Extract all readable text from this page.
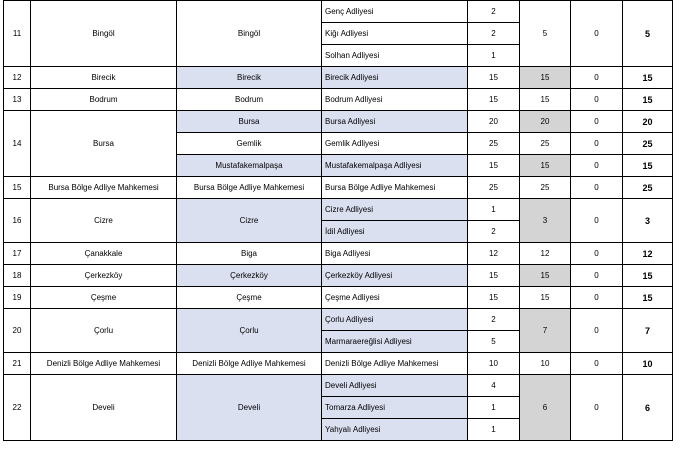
11	Bingöl	Bingöl	Genç Adliyesi	2	5	0	5
			Kiğı Adliyesi	2			
			Solhan Adliyesi	1			
12	Birecik	Birecik	Birecik Adliyesi	15	15	0	15
13	Bodrum	Bodrum	Bodrum Adliyesi	15	15	0	15
14	Bursa	Bursa	Bursa Adliyesi	20	20	0	20
		Gemlik	Gemlik Adliyesi	25	25	0	25
		Mustafakemalpaşa	Mustafakemalpaşa Adliyesi	15	15	0	15
15	Bursa Bölge Adliye Mahkemesi	Bursa Bölge Adliye Mahkemesi	Bursa Bölge Adliye Mahkemesi	25	25	0	25
16	Cizre	Cizre	Cizre Adliyesi	1	3	0	3
			İdil Adliyesi	2			
17	Çanakkale	Biga	Biga Adliyesi	12	12	0	12
18	Çerkezköy	Çerkezköy	Çerkezköy Adliyesi	15	15	0	15
19	Çeşme	Çeşme	Çeşme Adliyesi	15	15	0	15
20	Çorlu	Çorlu	Çorlu Adliyesi	2	7	0	7
			Marmaraereğlisi Adliyesi	5			
21	Denizli Bölge Adliye Mahkemesi	Denizli Bölge Adliye Mahkemesi	Denizli Bölge Adliye Mahkemesi	10	10	0	10
22	Develi	Develi	Develi Adliyesi	4	6	0	6
			Tomarza Adliyesi	1			
			Yahyalı Adliyesi	1			
